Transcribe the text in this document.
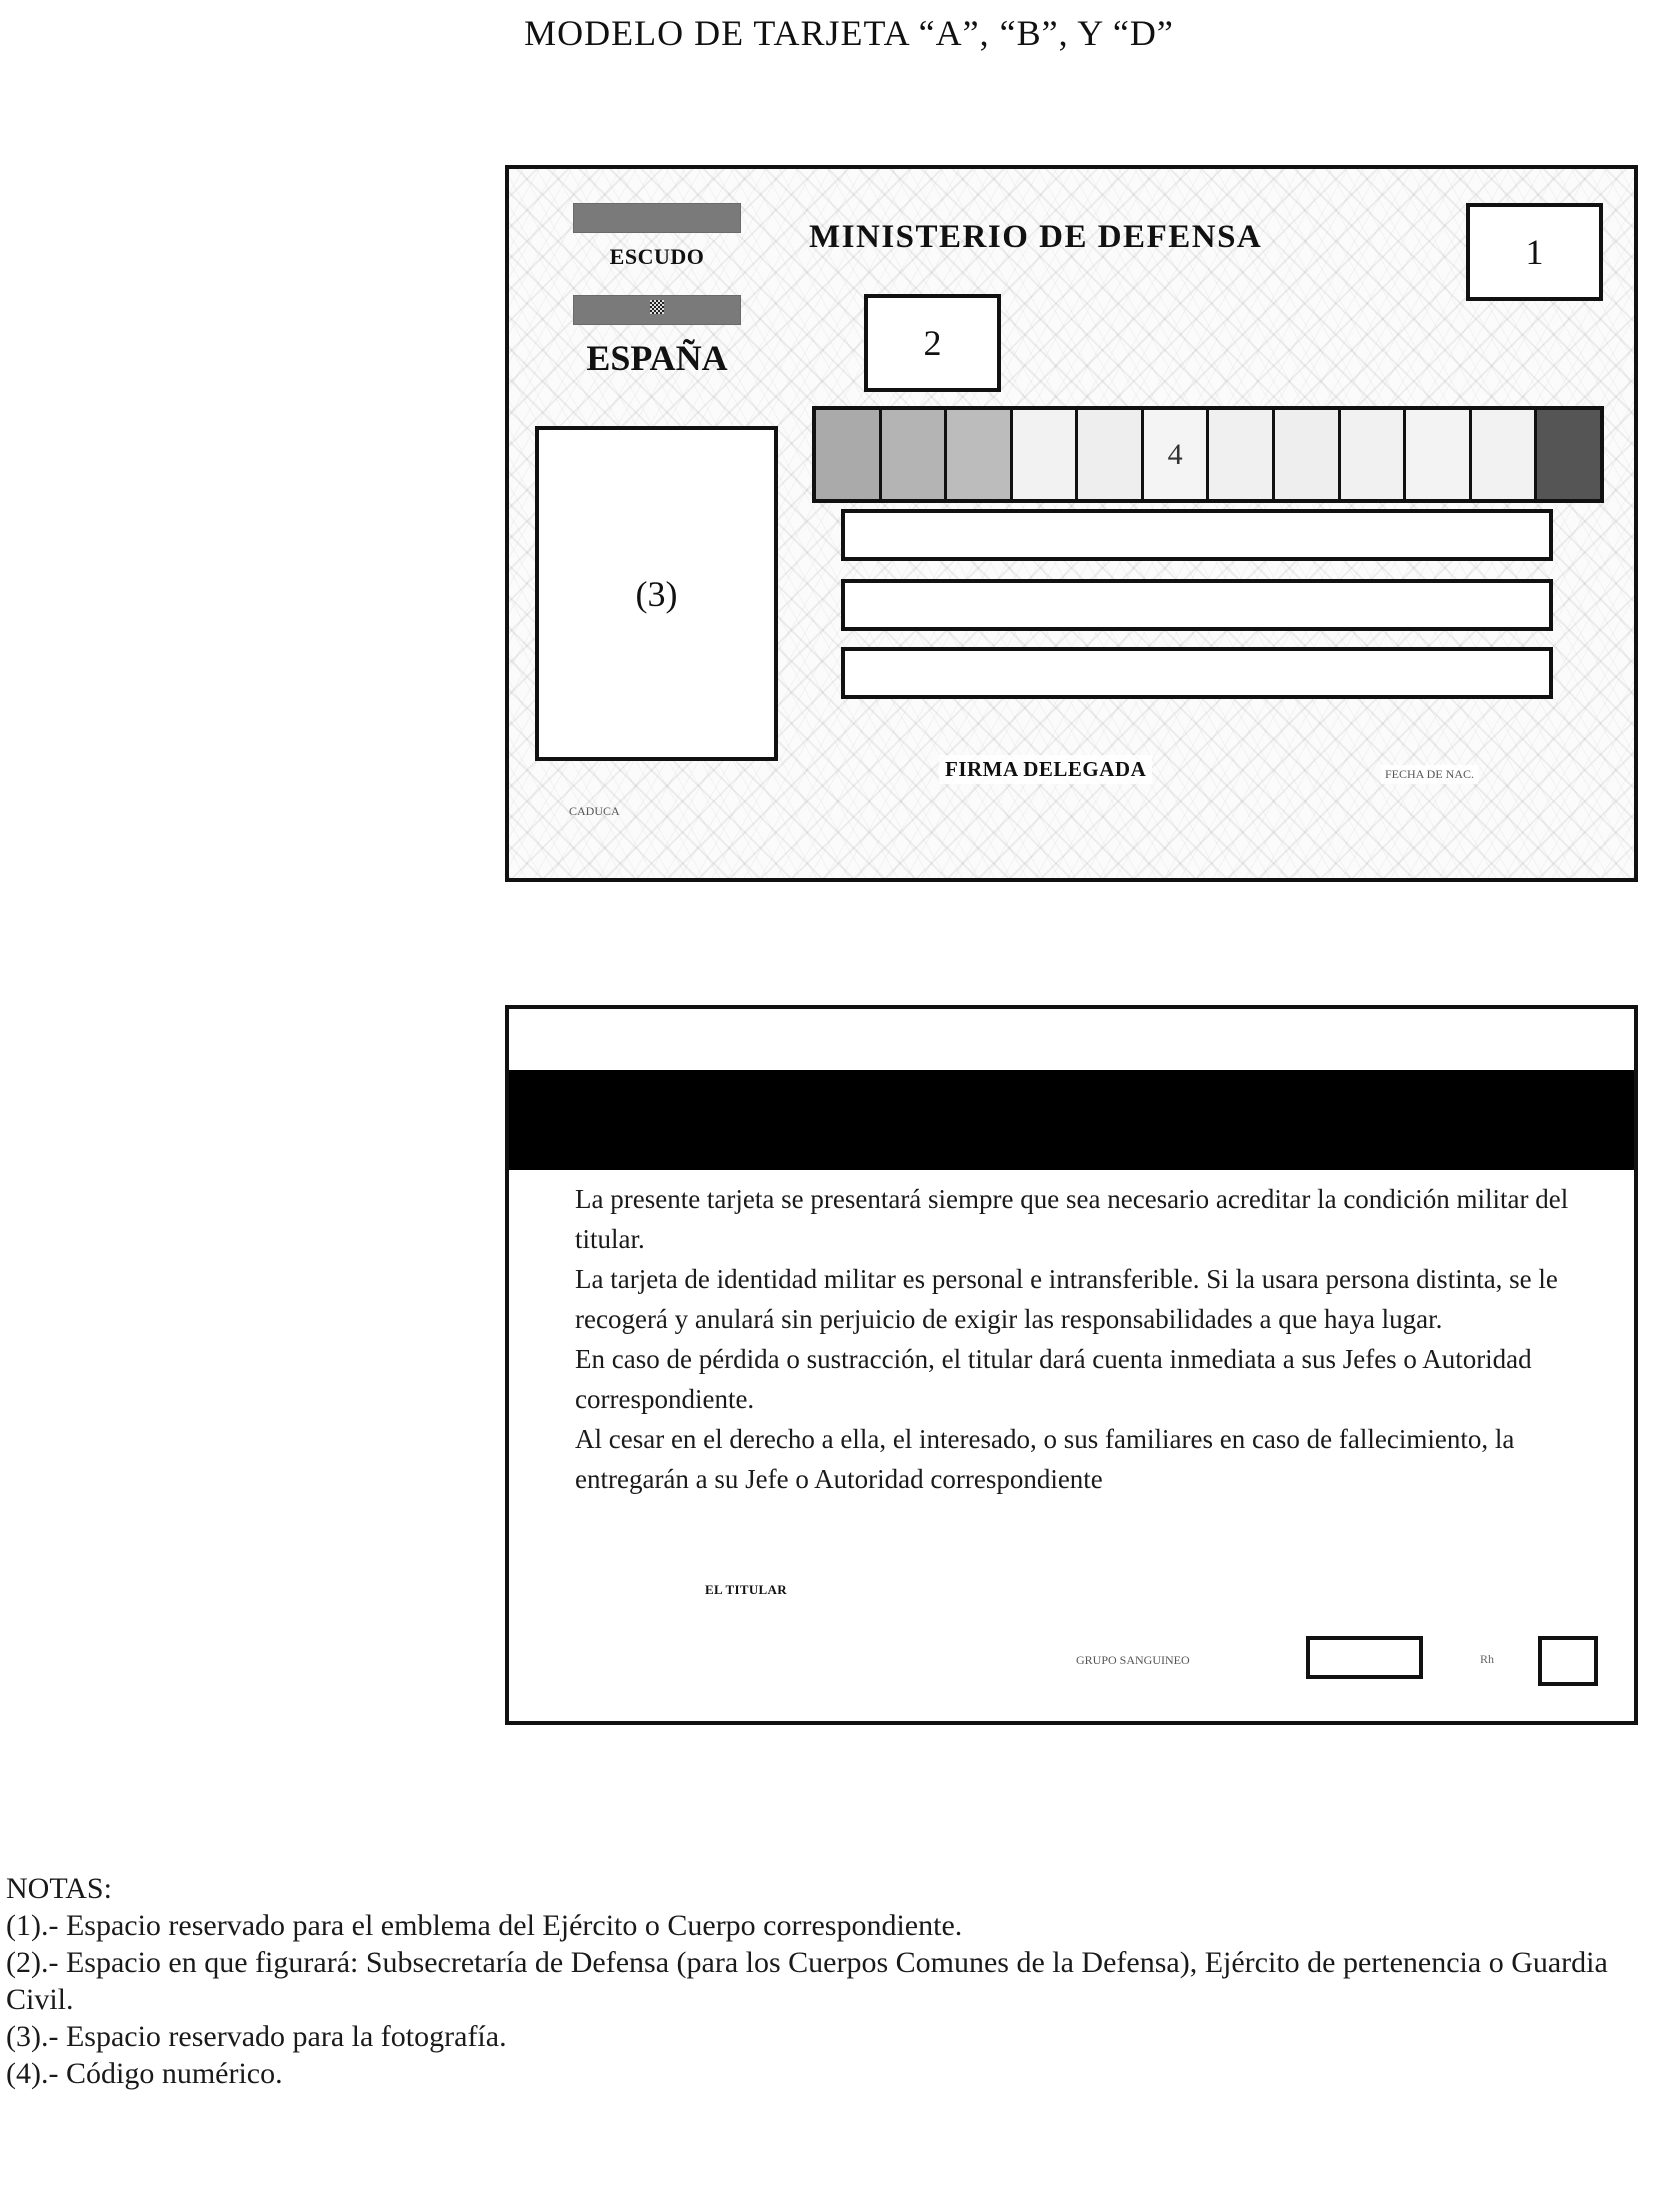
MODELO DE TARJETA “A”, “B”, Y “D”
ESCUDO
ESPAÑA
MINISTERIO DE DEFENSA	1
2
4
(3)
FIRMA DELEGADA	FECHA DE NAC.
CADUCA

La presente tarjeta se presentará siempre que sea necesario acreditar la condición militar del titular.

La tarjeta de identidad militar es personal e intransferible. Si la usara persona distinta, se le recogerá y anulará sin perjuicio de exigir las responsabilidades a que haya lugar.

En caso de pérdida o sustracción, el titular dará cuenta inmediata a sus Jefes o Autoridad correspondiente.

Al cesar en el derecho a ella, el interesado, o sus familiares en caso de fallecimiento, la entregarán a su Jefe o Autoridad correspondiente

EL TITULAR
GRUPO SANGUINEO	Rh

NOTAS:

(1).- Espacio reservado para el emblema del Ejército o Cuerpo correspondiente.

(2).- Espacio en que figurará: Subsecretaría de Defensa (para los Cuerpos Comunes de la Defensa), Ejército de pertenencia o Guardia Civil.

(3).- Espacio reservado para la fotografía.

(4).- Código numérico.
